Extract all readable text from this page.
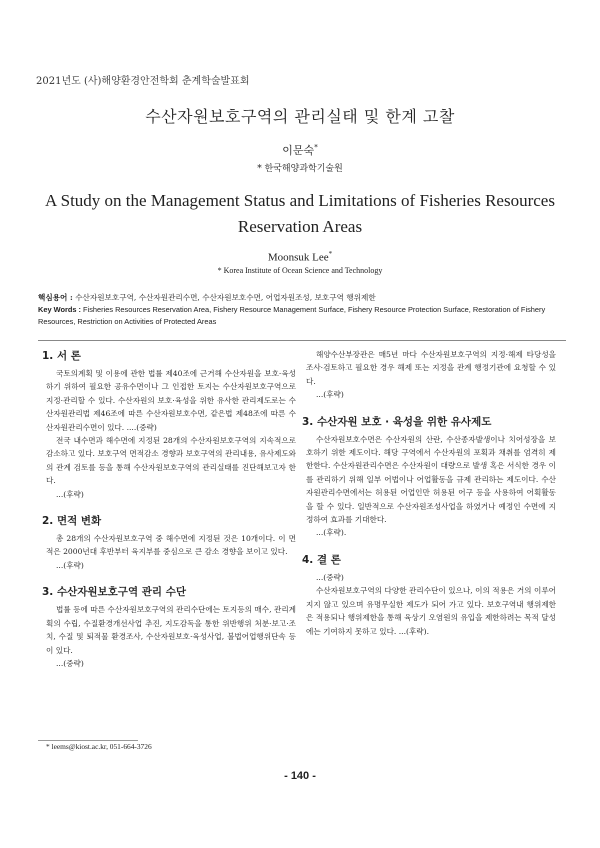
2021년도 (사)해양환경안전학회 춘계학술발표회
수산자원보호구역의 관리실태 및 한계 고찰
이문숙*
* 한국해양과학기술원
A Study on the Management Status and Limitations of Fisheries Resources Reservation Areas
Moonsuk Lee*
* Korea Institute of Ocean Science and Technology
핵심용어 : 수산자원보호구역, 수산자원관리수면, 수산자원보호수면, 어업자원조성, 보호구역 행위제한
Key Words : Fisheries Resources Reservation Area, Fishery Resource Management Surface, Fishery Resource Protection Surface, Restoration of Fishery Resources, Restriction on Activities of Protected Areas
1. 서 론

국토의계획 및 이용에 관한 법률 제40조에 근거해 수산자원을 보호·육성하기 위하여 필요한 공유수면이나 그 인접한 토지는 수산자원보호구역으로 지정·관리할 수 있다. 수산자원의 보호·육성을 위한 유사한 관리제도로는 수산자원관리법 제46조에 따른 수산자원보호수면, 같은법 제48조에 따른 수산자원관리수면이 있다. ....(중략)

전국 내수면과 해수면에 지정된 28개의 수산자원보호구역의 지속적으로 감소하고 있다. 보호구역 면적감소 경향과 보호구역의 관리내용, 유사제도와의 관계 검토를 등을 통해 수산자원보호구역의 관리실태를 진단해보고자 한다.

...(후략)

2. 면적 변화

총 28개의 수산자원보호구역 중 해수면에 지정된 것은 10개이다. 이 면적은 2000년대 후반부터 육지부를 중심으로 큰 감소 경향을 보이고 있다.

...(후략)

3. 수산자원보호구역 관리 수단

법률 등에 따른 수산자원보호구역의 관리수단에는 토지등의 매수, 관리계획의 수립, 수질환경개선사업 추진, 지도감독을 통한 위반행위 처분·보고·조치, 수질 및 퇴적물 환경조사, 수산자원보호·육성사업, 불법어업행위단속 등이 있다.

...(중략)

해양수산부장관은 매5년 마다 수산자원보호구역의 지정·해제 타당성을 조사·검토하고 필요한 경우 해제 또는 지정을 관계 행정기관에 요청할 수 있다.

...(후략)

3. 수산자원 보호 · 육성을 위한 유사제도

수산자원보호수면은 수산자원의 산란, 수산종자발생이나 치어성장을 보호하기 위한 제도이다. 해당 구역에서 수산자원의 포획과 채취를 엄격히 제한한다. 수산자원관리수면은 수산자원이 대량으로 발생 혹은 서식한 경우 이를 관리하기 위해 일부 어법이나 어업활동을 규제 관리하는 제도이다. 수산자원관리수면에서는 허용된 어업인만 허용된 어구 등을 사용하여 어획활동을 할 수 있다. 일반적으로 수산자원조성사업을 하였거나 예정인 수면에 지정하여 효과를 기대한다.

...(후략).

4. 결 론

...(중략)

수산자원보호구역의 다양한 관리수단이 있으나, 이의 적용은 거의 이루어지지 않고 있으며 유명무실한 제도가 되어 가고 있다. 보호구역내 행위제한은 적용되나 행위제한을 통해 육상기 오염원의 유입을 제한하려는 목적 달성에는 기여하지 못하고 있다. ...(후략).

* leems@kiost.ac.kr, 051-664-3726
- 140 -
